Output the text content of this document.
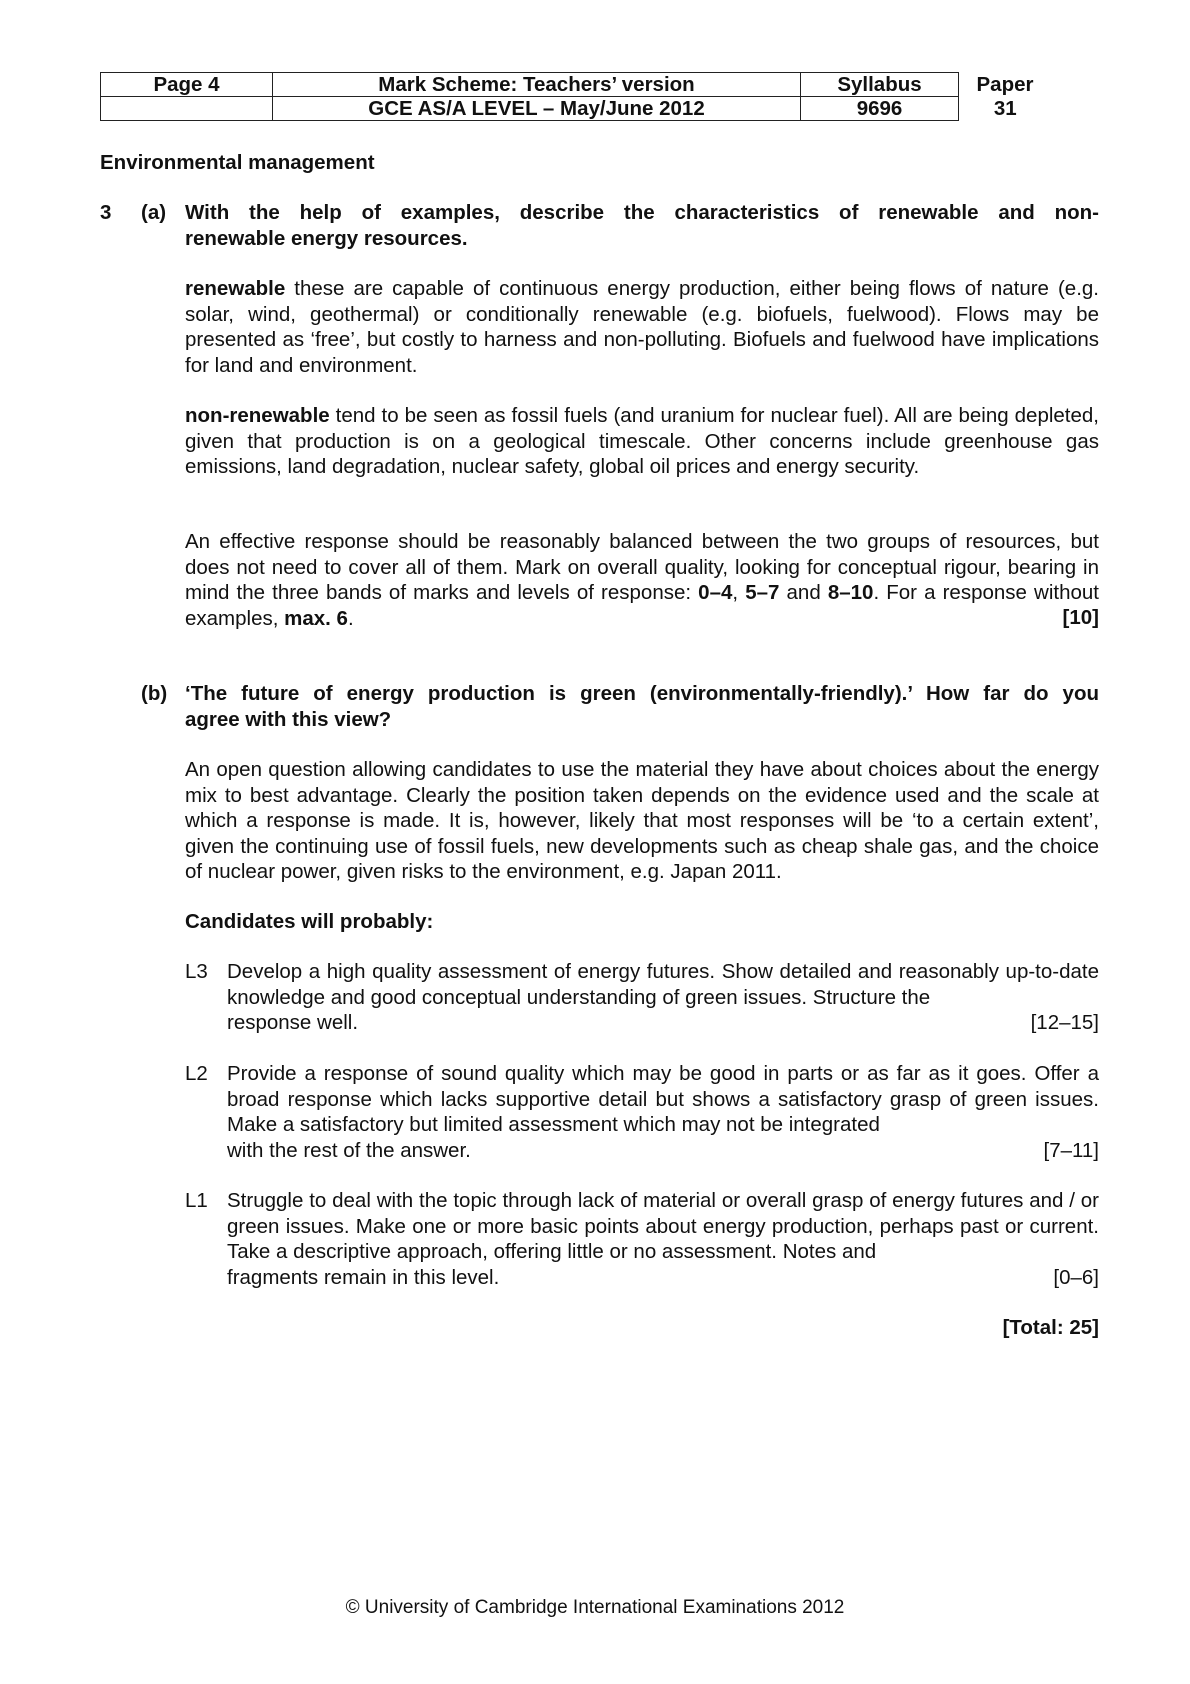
Page 4	Mark Scheme: Teachers’ version	Syllabus	Paper
	GCE AS/A LEVEL – May/June 2012	9696	31
Environmental management
3 (a) With the help of examples, describe the characteristics of renewable and non-
renewable energy resources.
renewable these are capable of continuous energy production, either being flows of nature (e.g. solar, wind, geothermal) or conditionally renewable (e.g. biofuels, fuelwood). Flows may be presented as ‘free’, but costly to harness and non-polluting. Biofuels and fuelwood have implications for land and environment.
non-renewable tend to be seen as fossil fuels (and uranium for nuclear fuel). All are being depleted, given that production is on a geological timescale. Other concerns include greenhouse gas emissions, land degradation, nuclear safety, global oil prices and energy security.
An effective response should be reasonably balanced between the two groups of resources, but does not need to cover all of them. Mark on overall quality, looking for conceptual rigour, bearing in mind the three bands of marks and levels of response: 0–4, 5–7 and 8–10. For a response without examples, max. 6.	[10]
(b) ‘The future of energy production is green (environmentally-friendly).’ How far do you
agree with this view?
An open question allowing candidates to use the material they have about choices about the energy mix to best advantage. Clearly the position taken depends on the evidence used and the scale at which a response is made. It is, however, likely that most responses will be ‘to a certain extent’, given the continuing use of fossil fuels, new developments such as cheap shale gas, and the choice of nuclear power, given risks to the environment, e.g. Japan 2011.
Candidates will probably:
L3 Develop a high quality assessment of energy futures. Show detailed and reasonably up-to-date knowledge and good conceptual understanding of green issues. Structure the
response well.	[12–15]
L2 Provide a response of sound quality which may be good in parts or as far as it goes. Offer a broad response which lacks supportive detail but shows a satisfactory grasp of green issues. Make a satisfactory but limited assessment which may not be integrated
with the rest of the answer.	[7–11]
L1 Struggle to deal with the topic through lack of material or overall grasp of energy futures and / or green issues. Make one or more basic points about energy production, perhaps past or current. Take a descriptive approach, offering little or no assessment. Notes and
fragments remain in this level.	[0–6]
[Total: 25]
© University of Cambridge International Examinations 2012
